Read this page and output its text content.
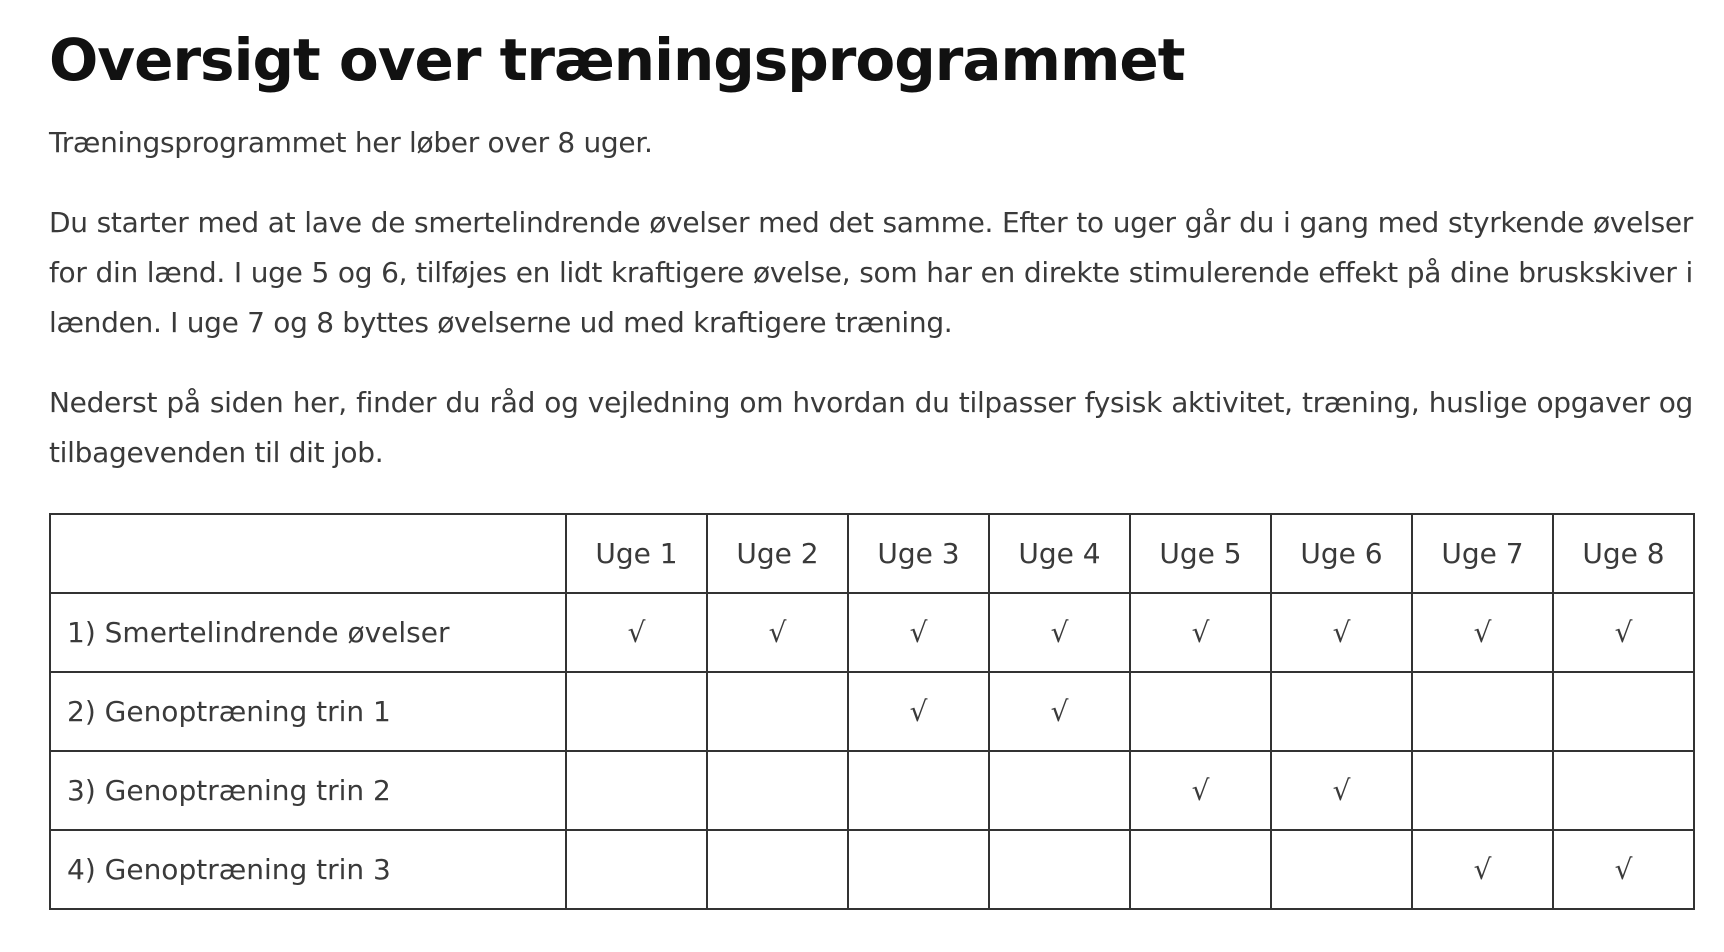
Oversigt over træningsprogrammet

Træningsprogrammet her løber over 8 uger.

Du starter med at lave de smertelindrende øvelser med det samme. Efter to uger går du i gang med styrkende øvelser for din lænd. I uge 5 og 6, tilføjes en lidt kraftigere øvelse, som har en direkte stimulerende effekt på dine bruskskiver i lænden. I uge 7 og 8 byttes øvelserne ud med kraftigere træning.

Nederst på siden her, finder du råd og vejledning om hvordan du tilpasser fysisk aktivitet, træning, huslige opgaver og tilbagevenden til dit job.

	Uge 1	Uge 2	Uge 3	Uge 4	Uge 5	Uge 6	Uge 7	Uge 8
1) Smertelindrende øvelser	√	√	√	√	√	√	√	√
2) Genoptræning trin 1			√	√				
3) Genoptræning trin 2					√	√		
4) Genoptræning trin 3							√	√
